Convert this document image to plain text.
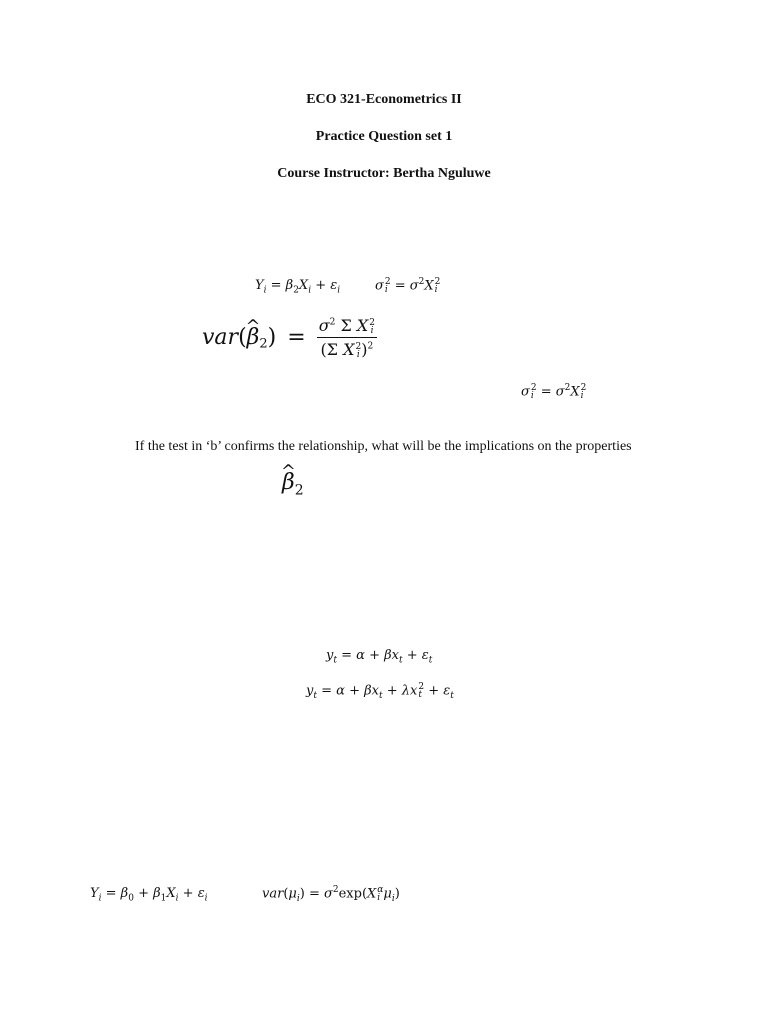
ECO 321-Econometrics II
Practice Question set 1
Course Instructor: Bertha Nguluwe
$Y_i = \beta_2X_i + \varepsilon_i$	σ 2
$i = \sigma^2X$ 2
i
var(^ $\beta_2) = \sigma^2$ Σ X 2
i
(Σ X 2
i )$^2$
σ 2
$i = \sigma^2X$ 2
i
If the test in ‘b’ confirms the relationship, what will be the implications on the properties
^ $\beta_2$
$y_t = \alpha + \beta x_t + \varepsilon_t$
$y_t = \alpha + \beta x_t + \lambda x$ 2
$t + \varepsilon_t$
$Y_i = \beta_0 + \beta_1X_i + \varepsilon_i$	$var(\mu_i) = \sigma^2\exp(X$ α
i $\mu_i$)
